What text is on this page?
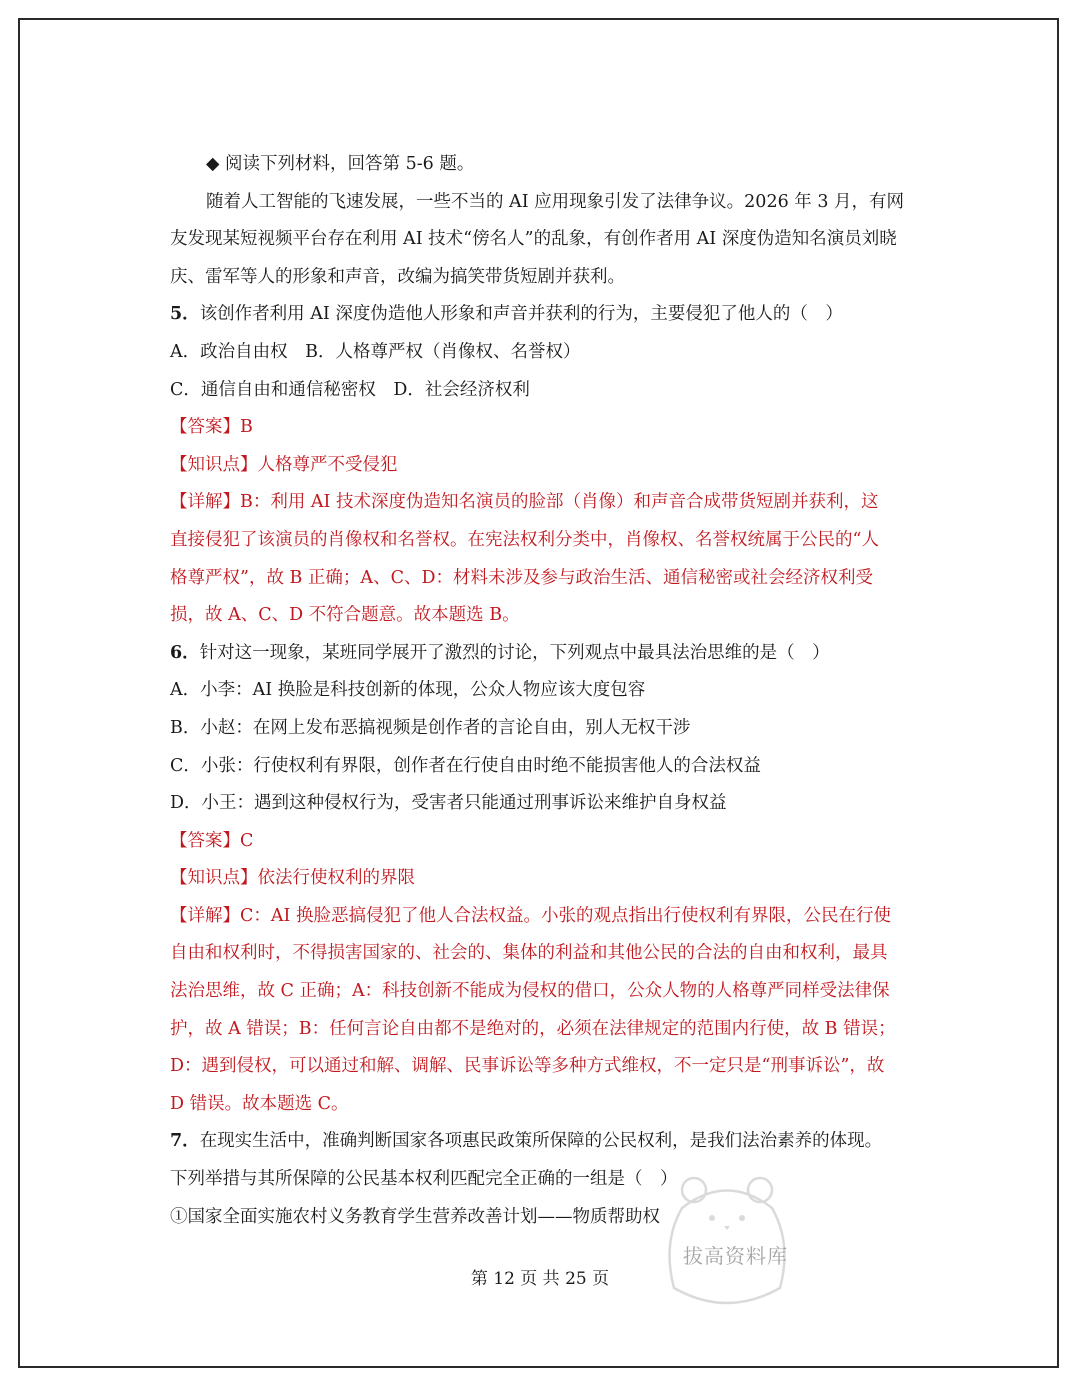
◆ 阅读下列材料，回答第 5-6 题。
随着人工智能的飞速发展，一些不当的 AI 应用现象引发了法律争议。2026 年 3 月，有网
友发现某短视频平台存在利用 AI 技术“傍名人”的乱象，有创作者用 AI 深度伪造知名演员刘晓
庆、雷军等人的形象和声音，改编为搞笑带货短剧并获利。
5．该创作者利用 AI 深度伪造他人形象和声音并获利的行为，主要侵犯了他人的（　）
A．政治自由权　B．人格尊严权（肖像权、名誉权）
C．通信自由和通信秘密权　D．社会经济权利
【答案】B
【知识点】人格尊严不受侵犯
【详解】B：利用 AI 技术深度伪造知名演员的脸部（肖像）和声音合成带货短剧并获利，这
直接侵犯了该演员的肖像权和名誉权。在宪法权利分类中，肖像权、名誉权统属于公民的“人
格尊严权”，故 B 正确；A、C、D：材料未涉及参与政治生活、通信秘密或社会经济权利受
损，故 A、C、D 不符合题意。故本题选 B。
6．针对这一现象，某班同学展开了激烈的讨论，下列观点中最具法治思维的是（　）
A．小李：AI 换脸是科技创新的体现，公众人物应该大度包容
B．小赵：在网上发布恶搞视频是创作者的言论自由，别人无权干涉
C．小张：行使权利有界限，创作者在行使自由时绝不能损害他人的合法权益
D．小王：遇到这种侵权行为，受害者只能通过刑事诉讼来维护自身权益
【答案】C
【知识点】依法行使权利的界限
【详解】C：AI 换脸恶搞侵犯了他人合法权益。小张的观点指出行使权利有界限，公民在行使
自由和权利时，不得损害国家的、社会的、集体的利益和其他公民的合法的自由和权利，最具
法治思维，故 C 正确；A：科技创新不能成为侵权的借口，公众人物的人格尊严同样受法律保
护，故 A 错误；B：任何言论自由都不是绝对的，必须在法律规定的范围内行使，故 B 错误；
D：遇到侵权，可以通过和解、调解、民事诉讼等多种方式维权，不一定只是“刑事诉讼”，故
D 错误。故本题选 C。
7．在现实生活中，准确判断国家各项惠民政策所保障的公民权利，是我们法治素养的体现。
下列举措与其所保障的公民基本权利匹配完全正确的一组是（　）
①国家全面实施农村义务教育学生营养改善计划——物质帮助权
拔高资料库
第 12 页 共 25 页
